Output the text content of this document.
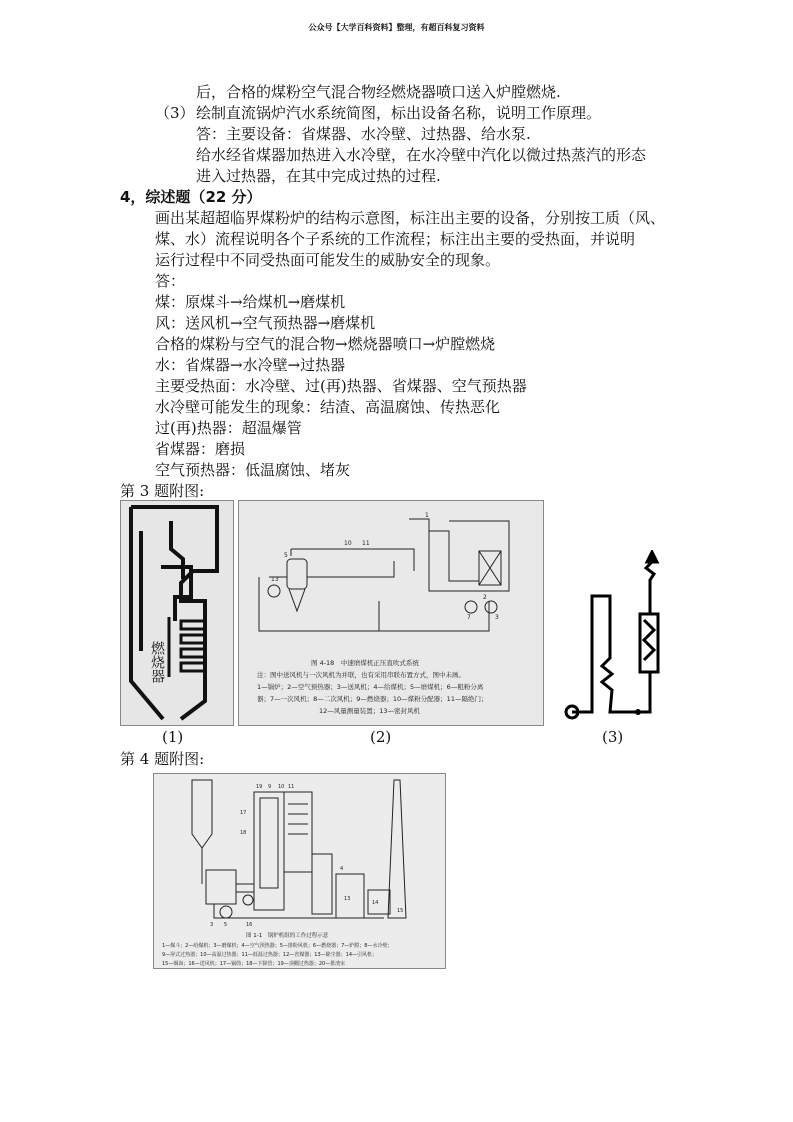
公众号【大学百科资料】整理，有超百科复习资料
后，合格的煤粉空气混合物经燃烧器喷口送入炉膛燃烧.
（3） 绘制直流锅炉汽水系统简图，标出设备名称，说明工作原理。
答：主要设备：省煤器、水冷壁、过热器、给水泵.
给水经省煤器加热进入水冷壁，在水冷壁中汽化以微过热蒸汽的形态
进入过热器，在其中完成过热的过程.
4，综述题（22 分）
画出某超超临界煤粉炉的结构示意图，标注出主要的设备，分别按工质（风、
煤、水）流程说明各个子系统的工作流程；标注出主要的受热面，并说明
运行过程中不同受热面可能发生的威胁安全的现象。
答：
煤：原煤斗→给煤机→磨煤机
风：送风机→空气预热器→磨煤机
合格的煤粉与空气的混合物→燃烧器喷口→炉膛燃烧
水：省煤器→水冷壁→过热器
主要受热面：水冷壁、过(再)热器、省煤器、空气预热器
水冷壁可能发生的现象：结渣、高温腐蚀、传热恶化
过(再)热器：超温爆管
省煤器：磨损
空气预热器：低温腐蚀、堵灰
第 3 题附图:
燃烧器
1
10 11
5
2
7	3
13
图 4-18　中速磨煤机正压直吹式系统
注：图中送风机与一次风机为并联，也有采用串联布置方式，图中未画。
1—锅炉；2—空气预热器；3—送风机；4—给煤机；5—磨煤机；6—粗粉分离
器；7—一次风机；8—二次风机；9—燃烧器；10—煤粉分配器；11—隔绝门；
12—风量测量装置；13—密封风机
(1)	(2)	(3)
第 4 题附图:
19 9 10 11
17
18
4
13
14
15
3 5	16
图 1-1　锅炉机组的工作过程示意
1—煤斗；2—给煤机；3—磨煤机；4—空气预热器；5—排粉风机；6—燃烧器；7—炉膛；8—水冷壁；
9—屏式过热器；10—高温过热器；11—低温过热器；12—省煤器；13—除尘器；14—引风机；
15—烟囱；16—送风机；17—锅筒；18—下降管；19—顶棚过热器；20—排渣室
